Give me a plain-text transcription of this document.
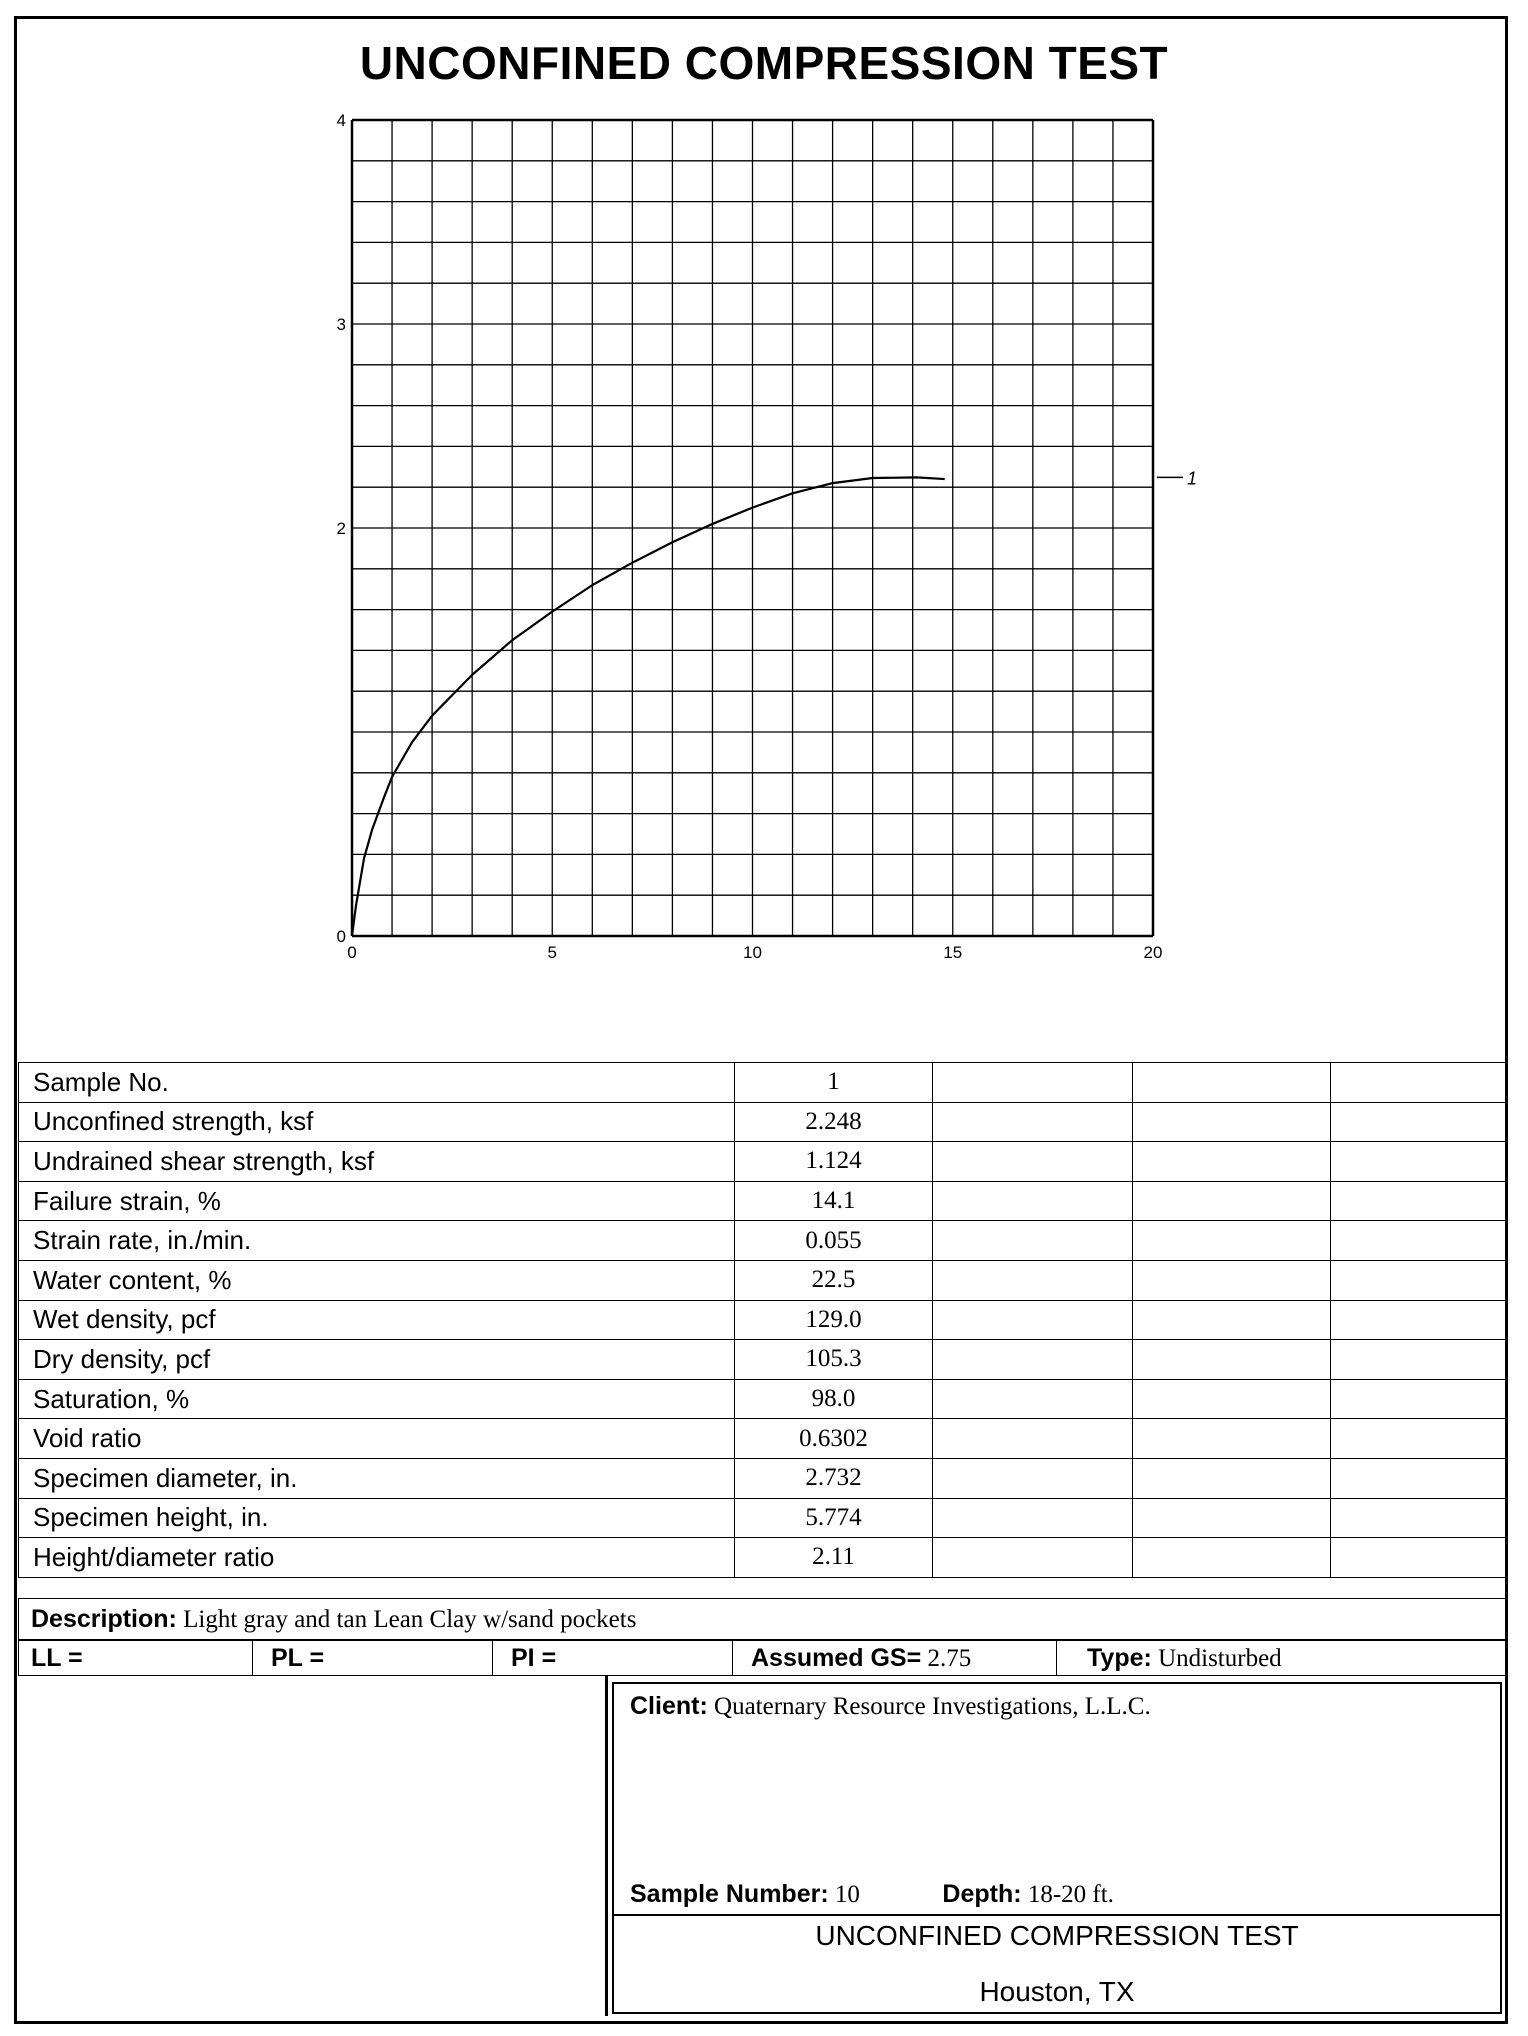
UNCONFINED COMPRESSION TEST
0	5	10	15	20
0
2
3
4
1
Sample No.	1			
Unconfined strength, ksf	2.248			
Undrained shear strength, ksf	1.124			
Failure strain, %	14.1			
Strain rate, in./min.	0.055			
Water content, %	22.5			
Wet density, pcf	129.0			
Dry density, pcf	105.3			
Saturation, %	98.0			
Void ratio	0.6302			
Specimen diameter, in.	2.732			
Specimen height, in.	5.774			
Height/diameter ratio	2.11			
Description: Light gray and tan Lean Clay w/sand pockets
LL =	PL =	PI =	Assumed GS= 2.75	Type: Undisturbed
Client: Quaternary Resource Investigations, L.L.C.
Sample Number: 10	Depth: 18-20 ft.
UNCONFINED COMPRESSION TEST
Houston, TX
